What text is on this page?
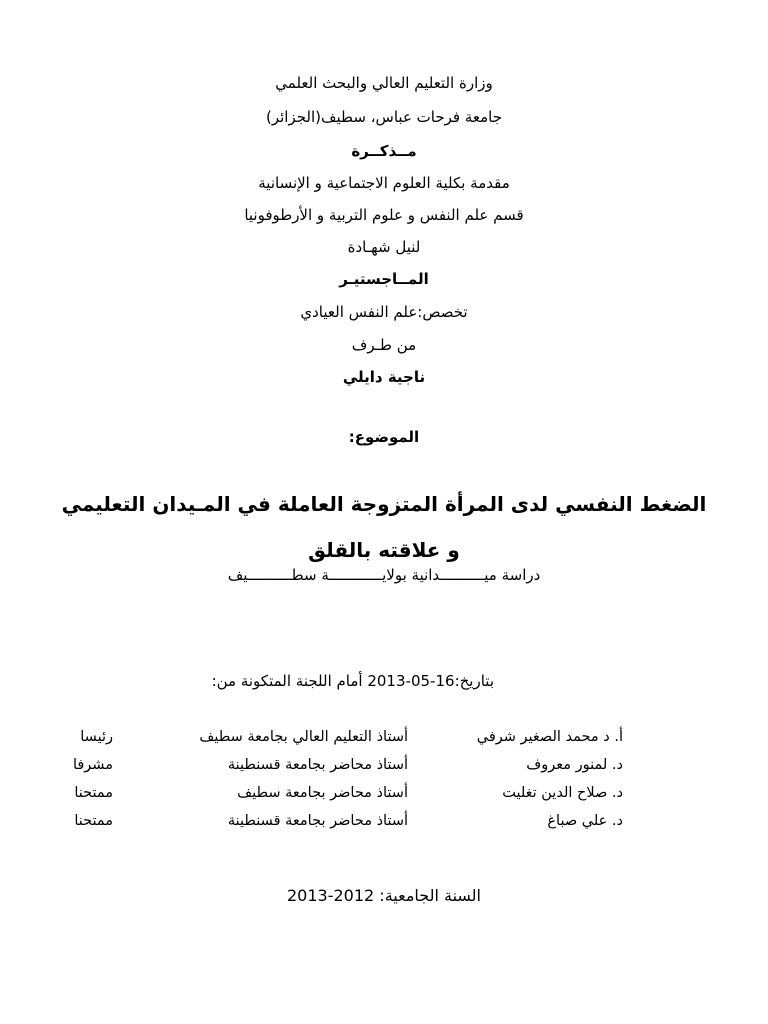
وزارة التعليم العالي والبحث العلمي
جامعة فرحات عباس، سطيف(الجزائر)
مــذكــرة
مقدمة بكلية العلوم الاجتماعية و الإنسانية
قسم علم النفس و علوم التربية و الأرطوفونيا
لنيل شهـادة
المــاجستيـر
تخصص:علم النفس العيادي
من طـرف
ناجية دايلي
الموضوع:
الضغط النفسي لدى المرأة المتزوجة العاملة في المـيدان التعليمي
و علاقته بالقلق
دراسة ميــــــــــدانية بولايــــــــــــة سطــــــــــيف
بتاريخ:16-05-2013 أمام اللجنة المتكونة من:
أ. د محمد الصغير شرفي
أستاذ التعليم العالي بجامعة سطيف
رئيسا
د. لمنور معروف
أستاذ محاضر بجامعة قسنطينة
مشرفا
د. صلاح الدين تغليت
أستاذ محاضر بجامعة سطيف
ممتحنا
د. علي صباغ
أستاذ محاضر بجامعة قسنطينة
ممتحنا
السنة الجامعية: 2012-2013
